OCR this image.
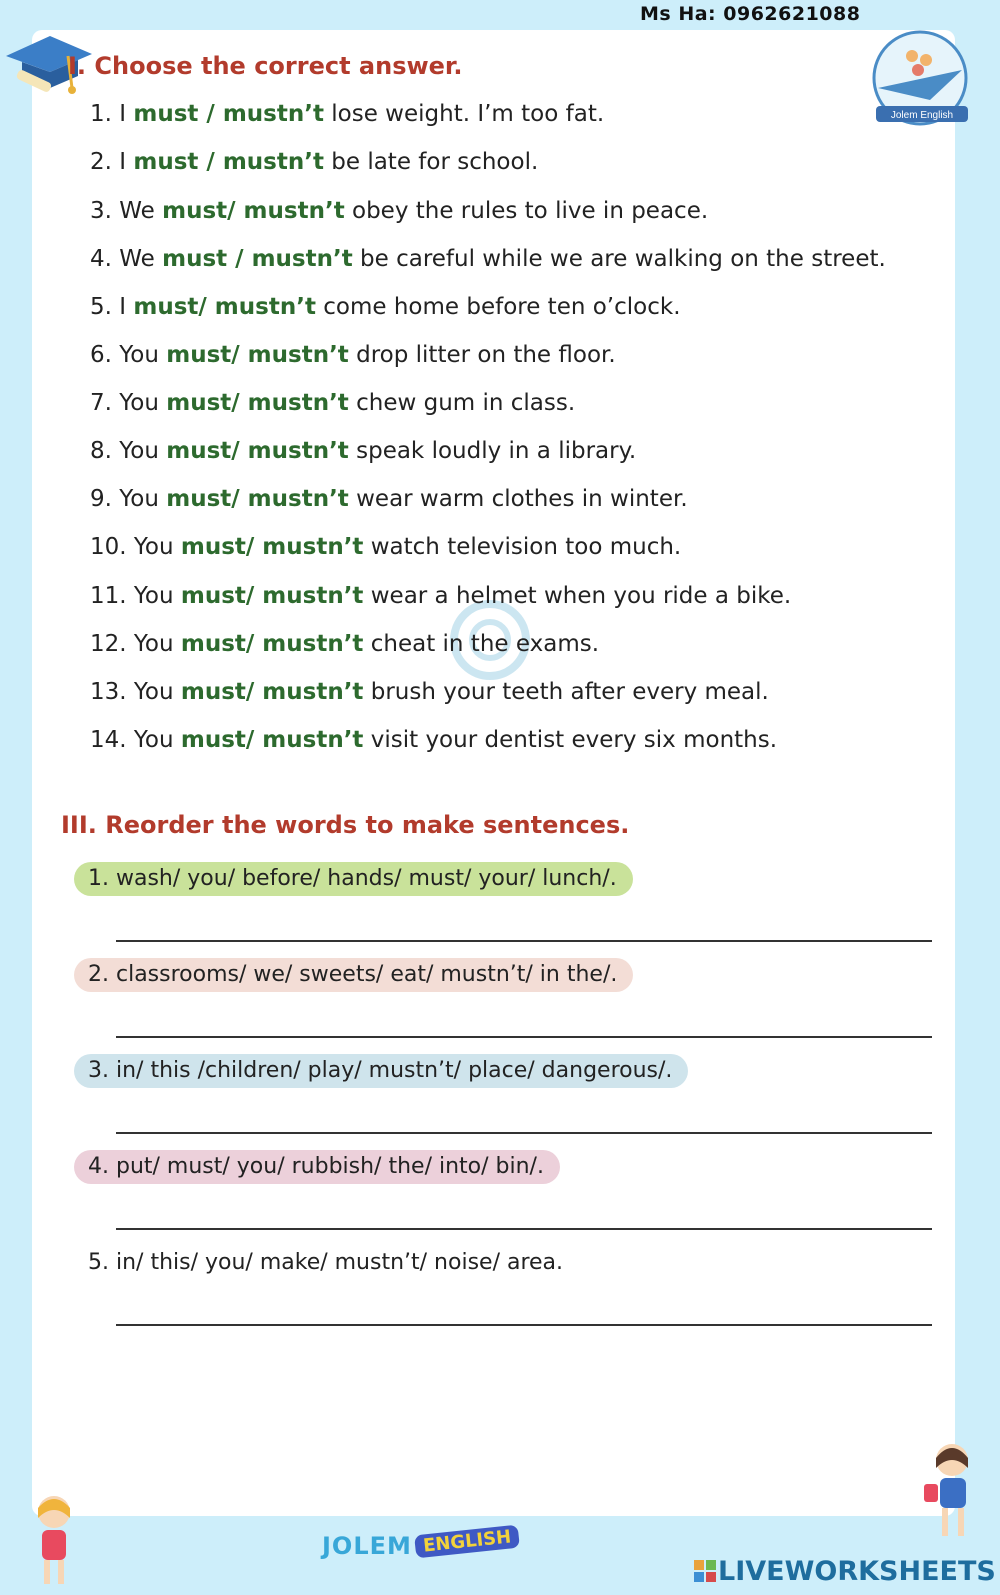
Ms Ha: 0962621088
Jolem English
I. Choose the correct answer.
1. I must / mustn’t lose weight. I’m too fat.
2. I must / mustn’t be late for school.
3. We must/ mustn’t obey the rules to live in peace.
4. We must / mustn’t be careful while we are walking on the street.
5. I must/ mustn’t come home before ten o’clock.
6. You must/ mustn’t drop litter on the floor.
7. You must/ mustn’t chew gum in class.
8. You must/ mustn’t speak loudly in a library.
9. You must/ mustn’t wear warm clothes in winter.
10. You must/ mustn’t watch television too much.
11. You must/ mustn’t wear a helmet when you ride a bike.
12. You must/ mustn’t cheat in the exams.
13. You must/ mustn’t brush your teeth after every meal.
14. You must/ mustn’t visit your dentist every six months.
III. Reorder the words to make sentences.
1. wash/ you/ before/ hands/ must/ your/ lunch/.
2. classrooms/ we/ sweets/ eat/ mustn’t/ in the/.
3. in/ this /children/ play/ mustn’t/ place/ dangerous/.
4. put/ must/ you/ rubbish/ the/ into/ bin/.
5. in/ this/ you/ make/ mustn’t/ noise/ area.
JOLEM ENGLISH
LIVEWORKSHEETS
